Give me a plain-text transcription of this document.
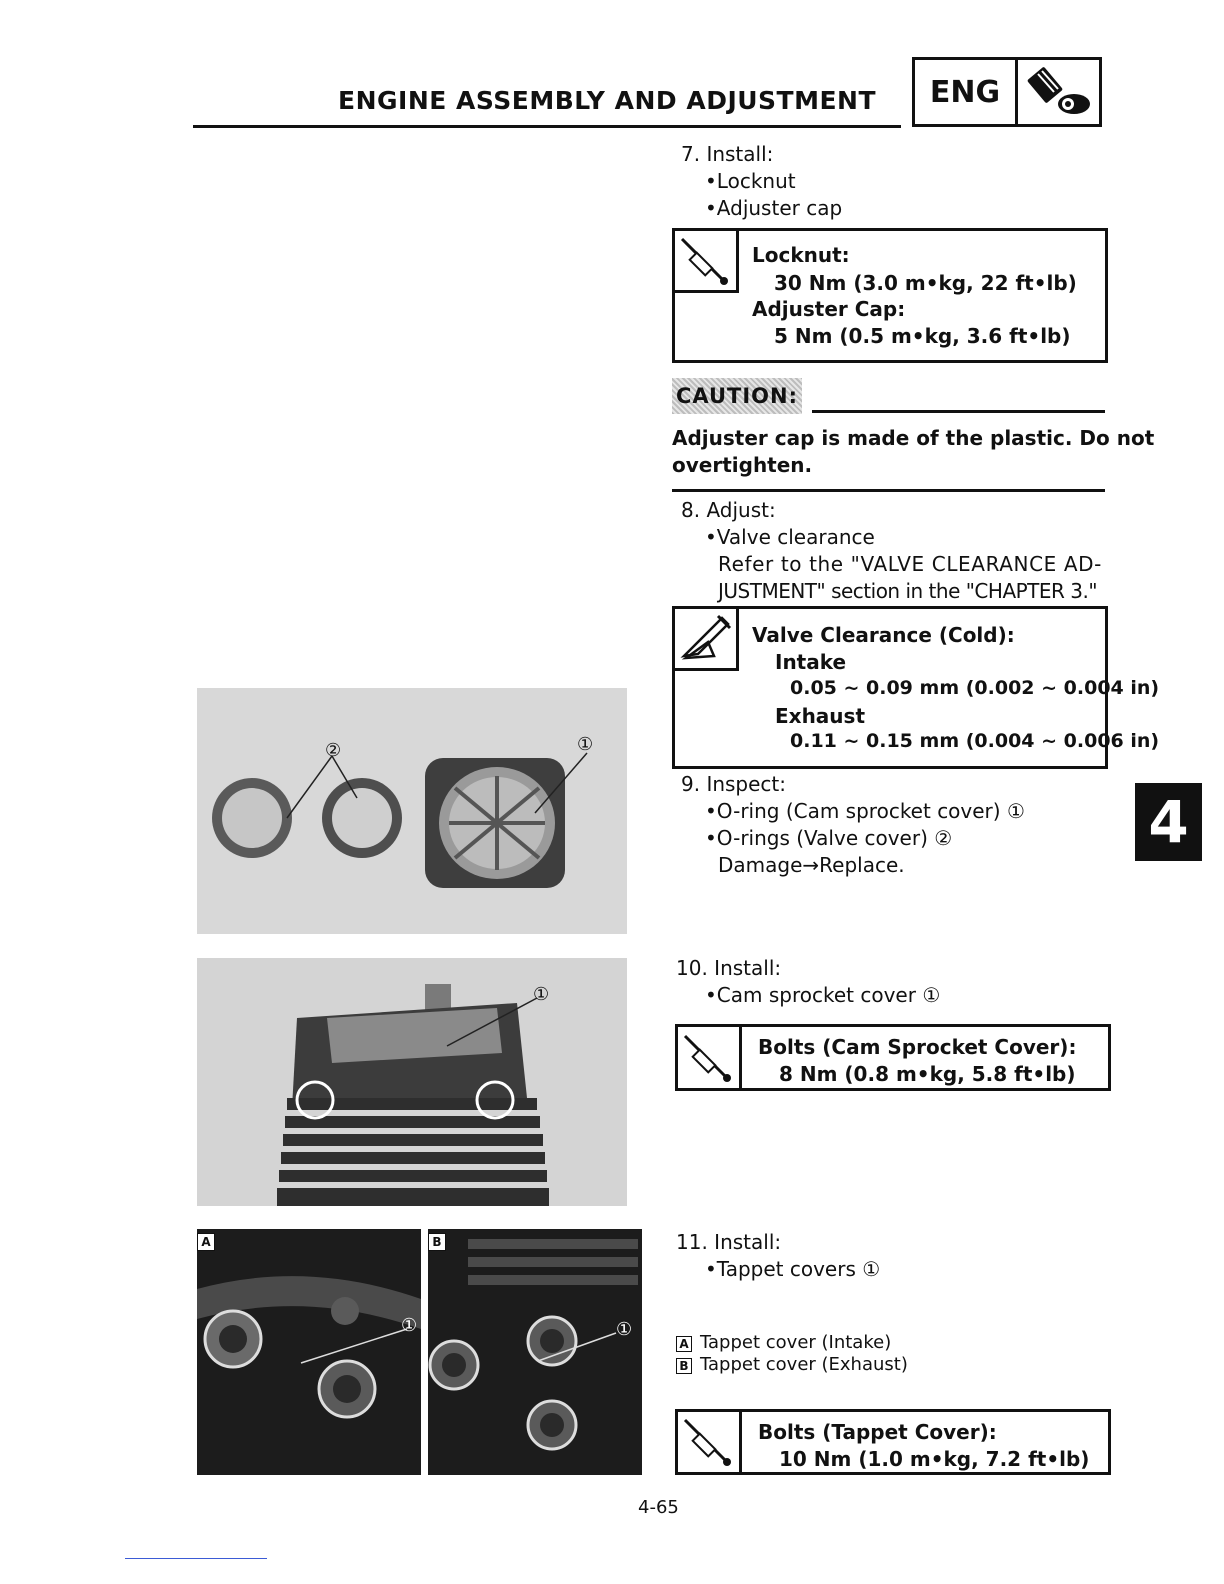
ENGINE ASSEMBLY AND ADJUSTMENT	ENG
7. Install:
•Locknut
•Adjuster cap
Locknut:
30 Nm (3.0 m•kg, 22 ft•lb)
Adjuster Cap:
5 Nm (0.5 m•kg, 3.6 ft•lb)
CAUTION:
Adjuster cap is made of the plastic. Do not
overtighten.
8. Adjust:
•Valve clearance
Refer to the "VALVE CLEARANCE AD-
JUSTMENT" section in the "CHAPTER 3."
Valve Clearance (Cold):
Intake
0.05 ~ 0.09 mm (0.002 ~ 0.004 in)
Exhaust
0.11 ~ 0.15 mm (0.004 ~ 0.006 in)
9. Inspect:
•O-ring (Cam sprocket cover) ①
•O-rings (Valve cover) ②
Damage→Replace.
4
10. Install:
•Cam sprocket cover ①
Bolts (Cam Sprocket Cover):
8 Nm (0.8 m•kg, 5.8 ft•lb)
11. Install:
•Tappet covers ①
A Tappet cover (Intake)
B Tappet cover (Exhaust)
Bolts (Tappet Cover):
10 Nm (1.0 m•kg, 7.2 ft•lb)
②	①
①
A
①
B
①
4-65
